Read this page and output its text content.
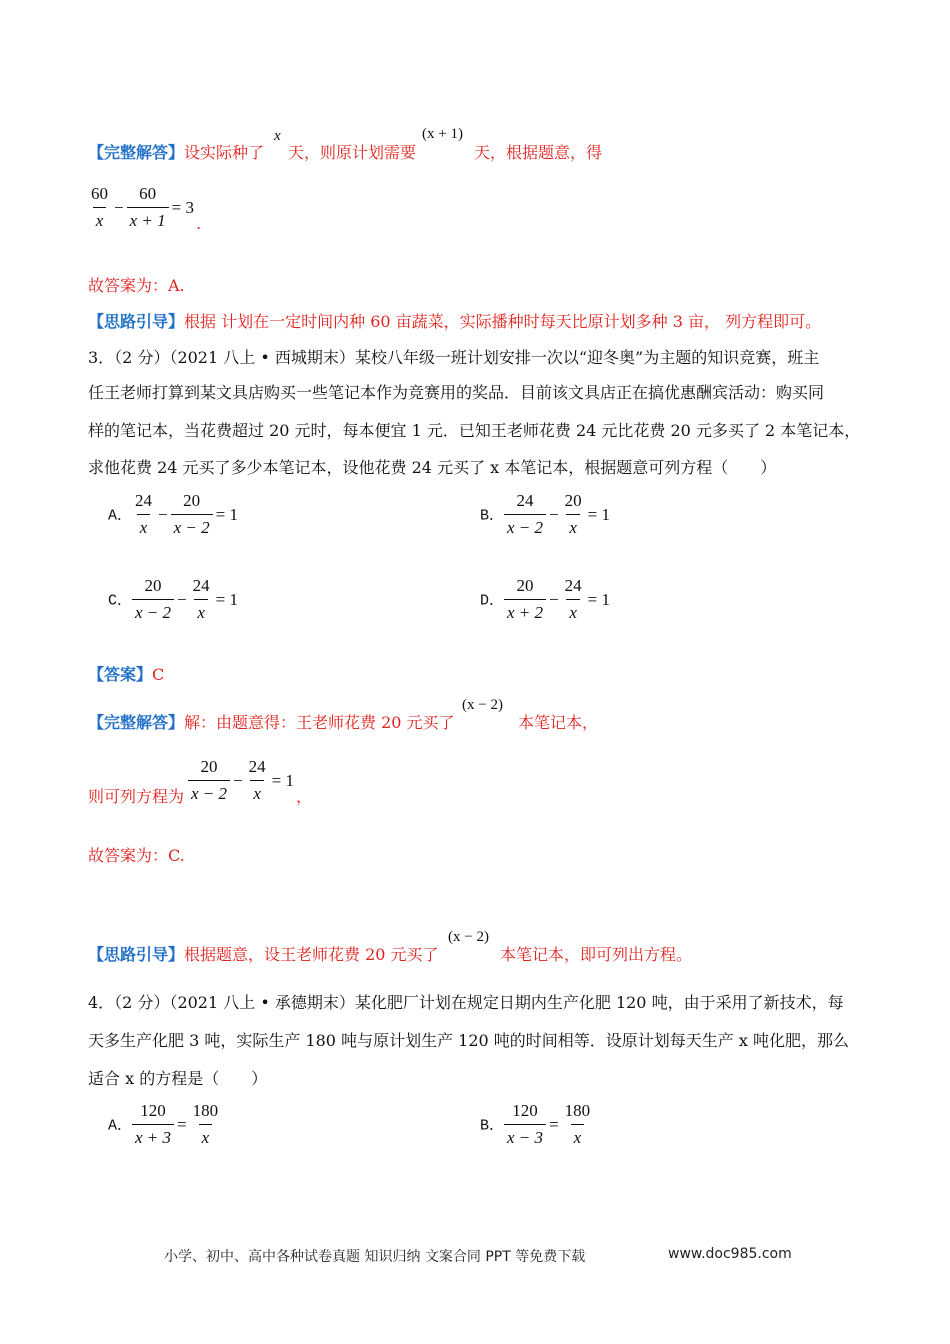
【完整解答】设实际种了
x
天，则原计划需要
(x + 1)
天，根据题意，得
$\frac{60}{x} - \frac{60}{x + 1} = 3$
.
故答案为：A.
【思路引导】根据 计划在一定时间内种 60 亩蔬菜，实际播种时每天比原计划多种 3 亩， 列方程即可。
3．（2 分）（2021 八上 • 西城期末）某校八年级一班计划安排一次以“迎冬奥”为主题的知识竞赛，班主
任王老师打算到某文具店购买一些笔记本作为竞赛用的奖品．目前该文具店正在搞优惠酬宾活动：购买同
样的笔记本，当花费超过 20 元时，每本便宜 1 元．已知王老师花费 24 元比花费 20 元多买了 2 本笔记本，
求他花费 24 元买了多少本笔记本，设他花费 24 元买了 x 本笔记本，根据题意可列方程（　　）
A． $\frac{24}{x} - \frac{20}{x - 2} = 1$	B． $\frac{24}{x - 2} - \frac{20}{x} = 1$
C． $\frac{20}{x - 2} - \frac{24}{x} = 1$	D． $\frac{20}{x + 2} - \frac{24}{x} = 1$
【答案】C
【完整解答】解：由题意得：王老师花费 20 元买了
(x − 2)
本笔记本，
则可列方程为 $\frac{20}{x - 2} - \frac{24}{x} = 1$
，
故答案为：C.
【思路引导】根据题意，设王老师花费 20 元买了
(x − 2)
本笔记本，即可列出方程。
4．（2 分）（2021 八上 • 承德期末）某化肥厂计划在规定日期内生产化肥 120 吨，由于采用了新技术，每
天多生产化肥 3 吨，实际生产 180 吨与原计划生产 120 吨的时间相等．设原计划每天生产 x 吨化肥，那么
适合 x 的方程是（　　）
A． $\frac{120}{x + 3} = \frac{180}{x}$	B． $\frac{120}{x - 3} = \frac{180}{x}$
小学、初中、高中各种试卷真题 知识归纳 文案合同 PPT 等免费下载	www.doc985.com
